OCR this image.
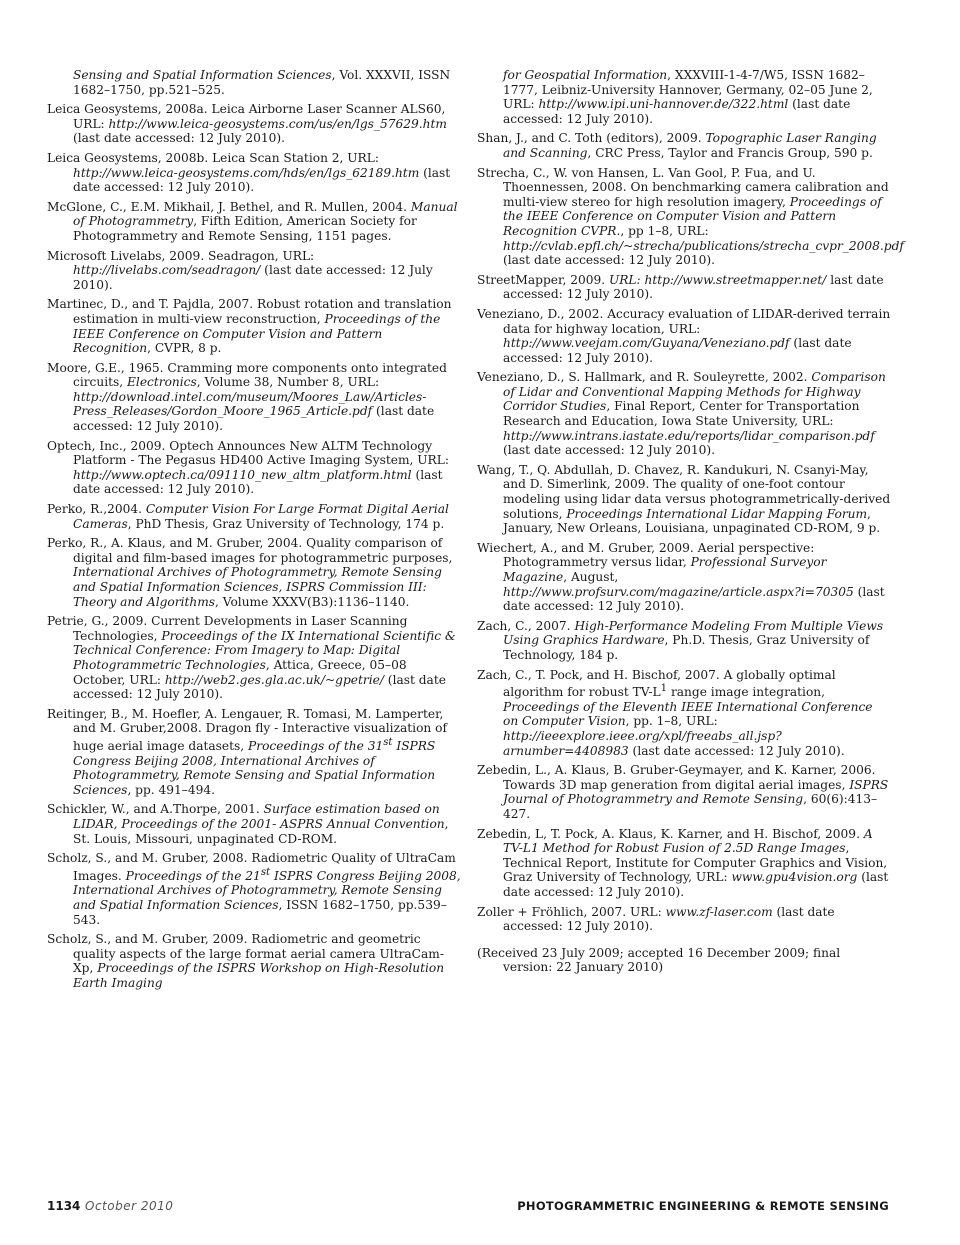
Sensing and Spatial Information Sciences, Vol. XXXVII, ISSN 1682–1750, pp.521–525.

Leica Geosystems, 2008a. Leica Airborne Laser Scanner ALS60, URL: http://www.leica-geosystems.com/us/en/lgs_57629.htm (last date accessed: 12 July 2010).

Leica Geosystems, 2008b. Leica Scan Station 2, URL: http://www.leica-geosystems.com/hds/en/lgs_62189.htm (last date accessed: 12 July 2010).

McGlone, C., E.M. Mikhail, J. Bethel, and R. Mullen, 2004. Manual of Photogrammetry, Fifth Edition, American Society for Photogrammetry and Remote Sensing, 1151 pages.

Microsoft Livelabs, 2009. Seadragon, URL: http://livelabs.com/seadragon/ (last date accessed: 12 July 2010).

Martinec, D., and T. Pajdla, 2007. Robust rotation and translation estimation in multi-view reconstruction, Proceedings of the IEEE Conference on Computer Vision and Pattern Recognition, CVPR, 8 p.

Moore, G.E., 1965. Cramming more components onto integrated circuits, Electronics, Volume 38, Number 8, URL: http://download.intel.com/museum/Moores_Law/Articles-Press_Releases/Gordon_Moore_1965_Article.pdf (last date accessed: 12 July 2010).

Optech, Inc., 2009. Optech Announces New ALTM Technology Platform - The Pegasus HD400 Active Imaging System, URL: http://www.optech.ca/091110_new_altm_platform.html (last date accessed: 12 July 2010).

Perko, R.,2004. Computer Vision For Large Format Digital Aerial Cameras, PhD Thesis, Graz University of Technology, 174 p.

Perko, R., A. Klaus, and M. Gruber, 2004. Quality comparison of digital and film-based images for photogrammetric purposes, International Archives of Photogrammetry, Remote Sensing and Spatial Information Sciences, ISPRS Commission III: Theory and Algorithms, Volume XXXV(B3):1136–1140.

Petrie, G., 2009. Current Developments in Laser Scanning Technologies, Proceedings of the IX International Scientific & Technical Conference: From Imagery to Map: Digital Photogrammetric Technologies, Attica, Greece, 05–08 October, URL: http://web2.ges.gla.ac.uk/~gpetrie/ (last date accessed: 12 July 2010).

Reitinger, B., M. Hoefler, A. Lengauer, R. Tomasi, M. Lamperter, and M. Gruber,2008. Dragon fly - Interactive visualization of huge aerial image datasets, Proceedings of the 31st ISPRS Congress Beijing 2008, International Archives of Photogrammetry, Remote Sensing and Spatial Information Sciences, pp. 491–494.

Schickler, W., and A.Thorpe, 2001. Surface estimation based on LIDAR, Proceedings of the 2001- ASPRS Annual Convention, St. Louis, Missouri, unpaginated CD-ROM.

Scholz, S., and M. Gruber, 2008. Radiometric Quality of UltraCam Images. Proceedings of the 21st ISPRS Congress Beijing 2008, International Archives of Photogrammetry, Remote Sensing and Spatial Information Sciences, ISSN 1682–1750, pp.539–543.

Scholz, S., and M. Gruber, 2009. Radiometric and geometric quality aspects of the large format aerial camera UltraCam-Xp, Proceedings of the ISPRS Workshop on High-Resolution Earth Imaging

for Geospatial Information, XXXVIII-1-4-7/W5, ISSN 1682–1777, Leibniz-University Hannover, Germany, 02–05 June 2, URL: http://www.ipi.uni-hannover.de/322.html (last date accessed: 12 July 2010).

Shan, J., and C. Toth (editors), 2009. Topographic Laser Ranging and Scanning, CRC Press, Taylor and Francis Group, 590 p.

Strecha, C., W. von Hansen, L. Van Gool, P. Fua, and U. Thoennessen, 2008. On benchmarking camera calibration and multi-view stereo for high resolution imagery, Proceedings of the IEEE Conference on Computer Vision and Pattern Recognition CVPR., pp 1–8, URL: http://cvlab.epfl.ch/~strecha/publications/strecha_cvpr_2008.pdf (last date accessed: 12 July 2010).

StreetMapper, 2009. URL: http://www.streetmapper.net/ last date accessed: 12 July 2010).

Veneziano, D., 2002. Accuracy evaluation of LIDAR-derived terrain data for highway location, URL: http://www.veejam.com/Guyana/Veneziano.pdf (last date accessed: 12 July 2010).

Veneziano, D., S. Hallmark, and R. Souleyrette, 2002. Comparison of Lidar and Conventional Mapping Methods for Highway Corridor Studies, Final Report, Center for Transportation Research and Education, Iowa State University, URL: http://www.intrans.iastate.edu/reports/lidar_comparison.pdf (last date accessed: 12 July 2010).

Wang, T., Q. Abdullah, D. Chavez, R. Kandukuri, N. Csanyi-May, and D. Simerlink, 2009. The quality of one-foot contour modeling using lidar data versus photogrammetrically-derived solutions, Proceedings International Lidar Mapping Forum, January, New Orleans, Louisiana, unpaginated CD-ROM, 9 p.

Wiechert, A., and M. Gruber, 2009. Aerial perspective: Photogrammetry versus lidar, Professional Surveyor Magazine, August, http://www.profsurv.com/magazine/article.aspx?i=70305 (last date accessed: 12 July 2010).

Zach, C., 2007. High-Performance Modeling From Multiple Views Using Graphics Hardware, Ph.D. Thesis, Graz University of Technology, 184 p.

Zach, C., T. Pock, and H. Bischof, 2007. A globally optimal algorithm for robust $TV-L^1$ range image integration, Proceedings of the Eleventh IEEE International Conference on Computer Vision, pp. 1–8, URL: http://ieeexplore.ieee.org/xpl/freeabs_all.jsp?arnumber=4408983 (last date accessed: 12 July 2010).

Zebedin, L., A. Klaus, B. Gruber-Geymayer, and K. Karner, 2006. Towards 3D map generation from digital aerial images, ISPRS Journal of Photogrammetry and Remote Sensing, 60(6):413–427.

Zebedin, L, T. Pock, A. Klaus, K. Karner, and H. Bischof, 2009. A TV-L1 Method for Robust Fusion of 2.5D Range Images, Technical Report, Institute for Computer Graphics and Vision, Graz University of Technology, URL: www.gpu4vision.org (last date accessed: 12 July 2010).

Zoller + Fröhlich, 2007. URL: www.zf-laser.com (last date accessed: 12 July 2010).

(Received 23 July 2009; accepted 16 December 2009; final version: 22 January 2010)

1134 October 2010	PHOTOGRAMMETRIC ENGINEERING & REMOTE SENSING
